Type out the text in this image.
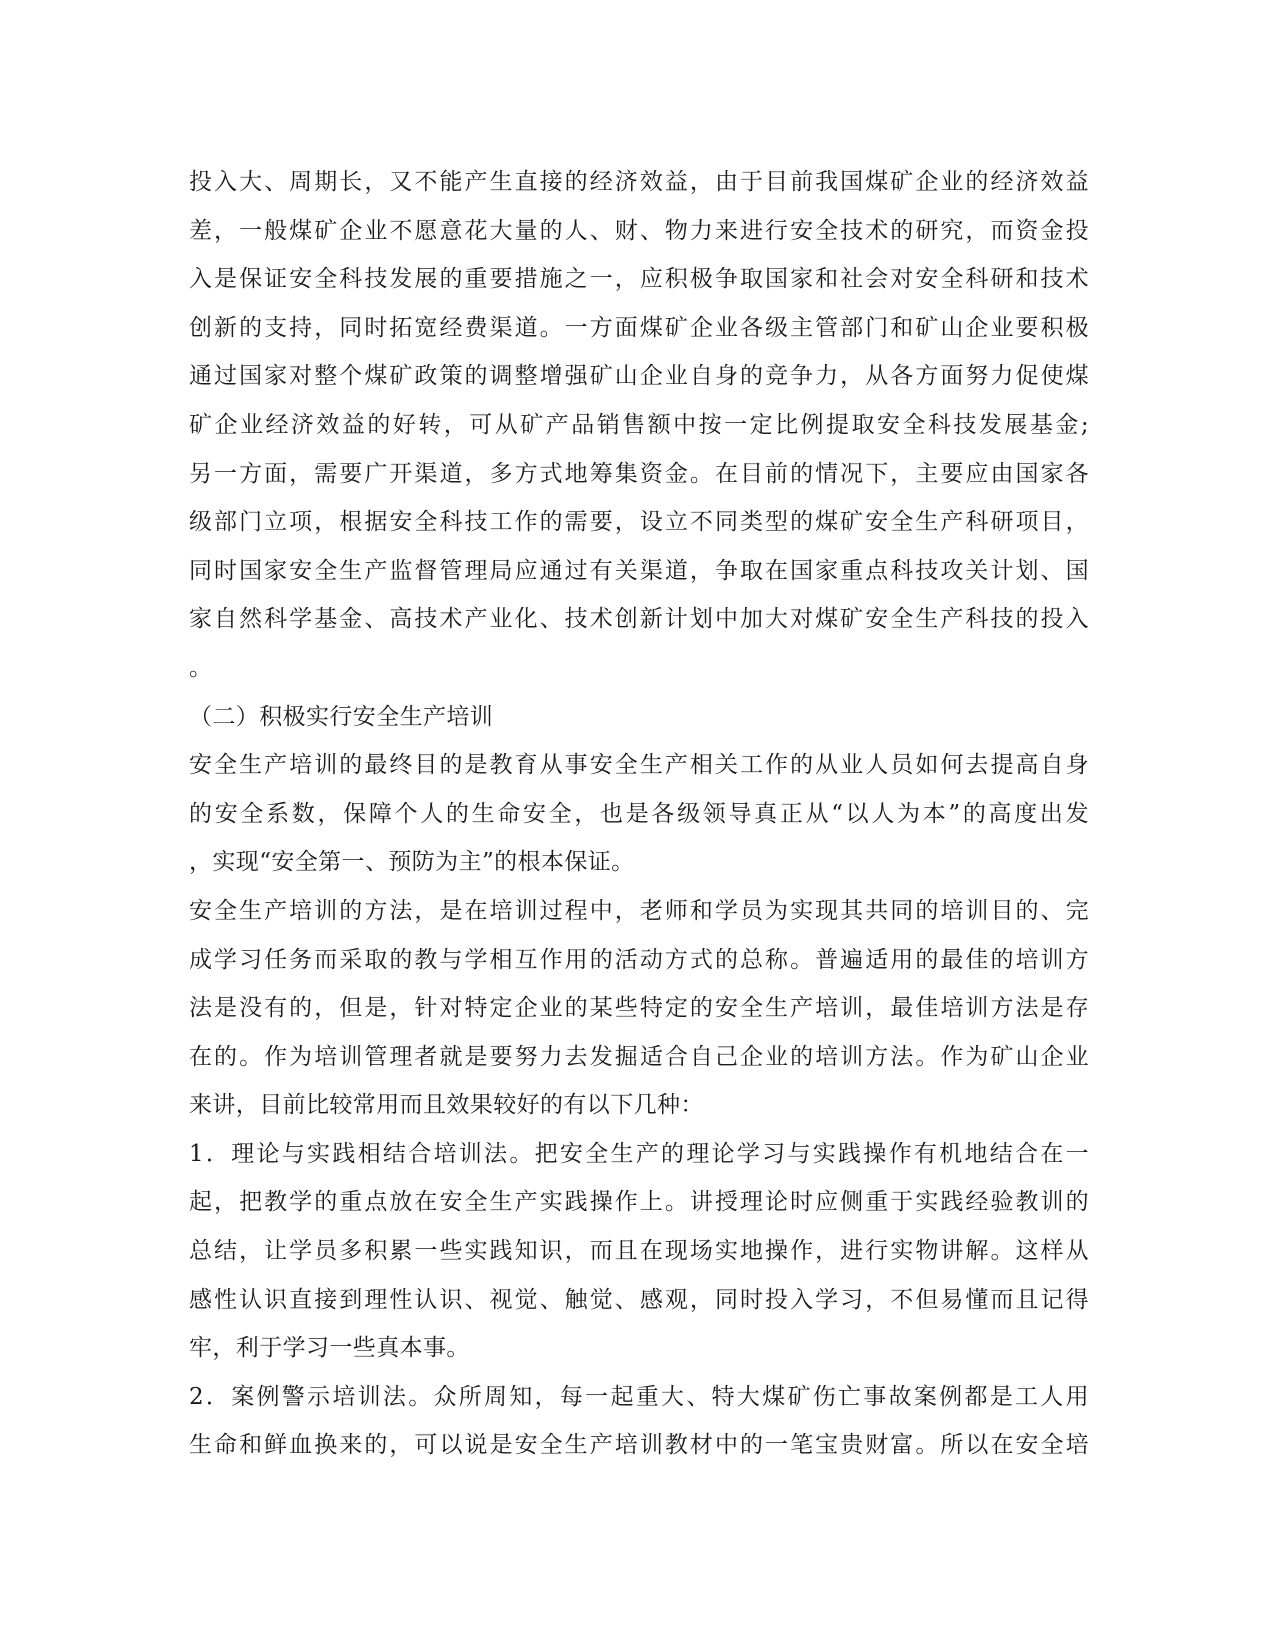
投入大、周期长，又不能产生直接的经济效益，由于目前我国煤矿企业的经济效益
差，一般煤矿企业不愿意花大量的人、财、物力来进行安全技术的研究，而资金投
入是保证安全科技发展的重要措施之一，应积极争取国家和社会对安全科研和技术
创新的支持，同时拓宽经费渠道。一方面煤矿企业各级主管部门和矿山企业要积极
通过国家对整个煤矿政策的调整增强矿山企业自身的竞争力，从各方面努力促使煤
矿企业经济效益的好转，可从矿产品销售额中按一定比例提取安全科技发展基金;
另一方面，需要广开渠道，多方式地筹集资金。在目前的情况下，主要应由国家各
级部门立项，根据安全科技工作的需要，设立不同类型的煤矿安全生产科研项目，
同时国家安全生产监督管理局应通过有关渠道，争取在国家重点科技攻关计划、国
家自然科学基金、高技术产业化、技术创新计划中加大对煤矿安全生产科技的投入
。
（二）积极实行安全生产培训
安全生产培训的最终目的是教育从事安全生产相关工作的从业人员如何去提高自身
的安全系数，保障个人的生命安全，也是各级领导真正从“以人为本”的高度出发
，实现“安全第一、预防为主”的根本保证。
安全生产培训的方法，是在培训过程中，老师和学员为实现其共同的培训目的、完
成学习任务而采取的教与学相互作用的活动方式的总称。普遍适用的最佳的培训方
法是没有的，但是，针对特定企业的某些特定的安全生产培训，最佳培训方法是存
在的。作为培训管理者就是要努力去发掘适合自己企业的培训方法。作为矿山企业
来讲，目前比较常用而且效果较好的有以下几种：
1．理论与实践相结合培训法。把安全生产的理论学习与实践操作有机地结合在一
起，把教学的重点放在安全生产实践操作上。讲授理论时应侧重于实践经验教训的
总结，让学员多积累一些实践知识，而且在现场实地操作，进行实物讲解。这样从
感性认识直接到理性认识、视觉、触觉、感观，同时投入学习，不但易懂而且记得
牢，利于学习一些真本事。
2．案例警示培训法。众所周知，每一起重大、特大煤矿伤亡事故案例都是工人用
生命和鲜血换来的，可以说是安全生产培训教材中的一笔宝贵财富。所以在安全培
